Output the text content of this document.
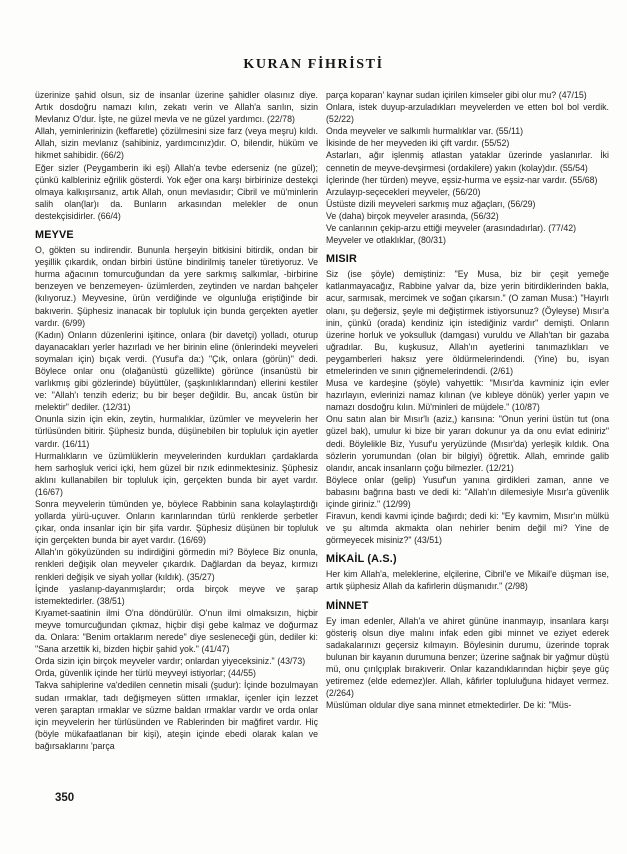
KURAN FİHRİSTİ
üzerinize şahid olsun, siz de insanlar üzerine şahidler olasınız diye. Artık dosdoğru namazı kılın, zekatı verin ve Allah'a sarılın, sizin Mevlanız O'dur. İşte, ne güzel mevla ve ne güzel yardımcı. (22/78)
Allah, yeminlerinizin (keffaretle) çözülmesini size farz (veya meşru) kıldı. Allah, sizin mevlanız (sahibiniz, yardımcınız)dır. O, bilendir, hüküm ve hikmet sahibidir. (66/2)
Eğer sizler (Peygamberin iki eşi) Allah'a tevbe ederseniz (ne güzel); çünkü kalbleriniz eğrilik gösterdi. Yok eğer ona karşı birbirinize destekçi olmaya kalkışırsanız, artık Allah, onun mevlasıdır; Cibril ve mü'minlerin salih olan(lar)ı da. Bunların arkasından melekler de onun destekçisidirler. (66/4)
MEYVE
O, gökten su indirendir. Bununla herşeyin bitkisini bitirdik, ondan bir yeşillik çıkardık, ondan birbiri üstüne bindirilmiş taneler türetiyoruz. Ve hurma ağacının tomurcuğundan da yere sarkmış salkımlar, -birbirine benzeyen ve benzemeyen- üzümlerden, zeytinden ve nardan bahçeler (kılıyoruz.) Meyvesine, ürün verdiğinde ve olgunluğa eriştiğinde bir bakıverin. Şüphesiz inanacak bir topluluk için bunda gerçekten ayetler vardır. (6/99)
(Kadın) Onların düzenlerini işitince, onlara (bir davetçi) yolladı, oturup dayanacakları yerler hazırladı ve her birinin eline (önlerindeki meyveleri soymaları için) bıçak verdi. (Yusuf'a da:) "Çık, onlara (görün)" dedi. Böylece onlar onu (olağanüstü güzellikte) görünce (insanüstü bir varlıkmış gibi gözlerinde) büyüttüler, (şaşkınlıklarından) ellerini kestiler ve: "Allah'ı tenzih ederiz; bu bir beşer değildir. Bu, ancak üstün bir melektir" dediler. (12/31)
Onunla sizin için ekin, zeytin, hurmalıklar, üzümler ve meyvelerin her türlüsünden bitirir. Şüphesiz bunda, düşünebilen bir topluluk için ayetler vardır. (16/11)
Hurmalıkların ve üzümlüklerin meyvelerinden kurdukları çardaklarda hem sarhoşluk verici içki, hem güzel bir rızık edinmektesiniz. Şüphesiz aklını kullanabilen bir topluluk için, gerçekten bunda bir ayet vardır. (16/67)
Sonra meyvelerin tümünden ye, böylece Rabbinin sana kolaylaştırdığı yollarda yürü-uçuver. Onların karınlarından türlü renklerde şerbetler çıkar, onda insanlar için bir şifa vardır. Şüphesiz düşünen bir topluluk için gerçekten bunda bir ayet vardır. (16/69)
Allah'ın gökyüzünden su indirdiğini görmedin mi? Böylece Biz onunla, renkleri değişik olan meyveler çıkardık. Dağlardan da beyaz, kırmızı renkleri değişik ve siyah yollar (kıldık). (35/27)
İçinde yaslanıp-dayanmışlardır; orda birçok meyve ve şarap istemektedirler. (38/51)
Kıyamet-saatinin ilmi O'na döndürülür. O'nun ilmi olmaksızın, hiçbir meyve tomurcuğundan çıkmaz, hiçbir dişi gebe kalmaz ve doğurmaz da. Onlara: "Benim ortaklarım nerede" diye sesleneceği gün, dediler ki: "Sana arzettik ki, bizden hiçbir şahid yok." (41/47)
Orda sizin için birçok meyveler vardır; onlardan yiyeceksiniz." (43/73)
Orda, güvenlik içinde her türlü meyveyi istiyorlar; (44/55)
Takva sahiplerine va'dedilen cennetin misali (şudur): İçinde bozulmayan sudan ırmaklar, tadı değişmeyen sütten ırmaklar, içenler için lezzet veren şaraptan ırmaklar ve süzme baldan ırmaklar vardır ve orda onlar için meyvelerin her türlüsünden ve Rablerinden bir mağfiret vardır. Hiç (böyle mükafaatlanan bir kişi), ateşin içinde ebedi olarak kalan ve bağırsaklarını 'parça
parça koparan' kaynar sudan içirilen kimseler gibi olur mu? (47/15)
Onlara, istek duyup-arzuladıkları meyvelerden ve etten bol bol verdik. (52/22)
Onda meyveler ve salkımlı hurmalıklar var. (55/11)
İkisinde de her meyveden iki çift vardır. (55/52)
Astarları, ağır işlenmiş atlastan yataklar üzerinde yaslanırlar. İki cennetin de meyve-devşirmesi (ordakilere) yakın (kolay)dır. (55/54)
İçlerinde (her türden) meyve, eşsiz-hurma ve eşsiz-nar vardır. (55/68)
Arzulayıp-seçecekleri meyveler, (56/20)
Üstüste dizili meyveleri sarkmış muz ağaçları, (56/29)
Ve (daha) birçok meyveler arasında, (56/32)
Ve canlarının çekip-arzu ettiği meyveler (arasındadırlar). (77/42)
Meyveler ve otlaklıklar, (80/31)
MISIR
Siz (ise şöyle) demiştiniz: "Ey Musa, biz bir çeşit yemeğe katlanmayacağız, Rabbine yalvar da, bize yerin bitirdiklerinden bakla, acur, sarmısak, mercimek ve soğan çıkarsın." (O zaman Musa:) "Hayırlı olanı, şu değersiz, şeyle mi değiştirmek istiyorsunuz? (Öyleyse) Mısır'a inin, çünkü (orada) kendiniz için istediğiniz vardır" demişti. Onların üzerine horluk ve yoksulluk (damgası) vuruldu ve Allah'tan bir gazaba uğradılar. Bu, kuşkusuz, Allah'ın ayetlerini tanımazlıkları ve peygamberleri haksız yere öldürmelerindendi. (Yine) bu, isyan etmelerinden ve sınırı çiğnemelerindendi. (2/61)
Musa ve kardeşine (şöyle) vahyettik: "Mısır'da kavminiz için evler hazırlayın, evlerinizi namaz kılınan (ve kıbleye dönük) yerler yapın ve namazı dosdoğru kılın. Mü'minleri de müjdele." (10/87)
Onu satın alan bir Mısır'lı (aziz,) karısına: "Onun yerini üstün tut (ona güzel bak), umulur ki bize bir yararı dokunur ya da onu evlat ediniriz" dedi. Böylelikle Biz, Yusuf'u yeryüzünde (Mısır'da) yerleşik kıldık. Ona sözlerin yorumundan (olan bir bilgiyi) öğrettik. Allah, emrinde galib olandır, ancak insanların çoğu bilmezler. (12/21)
Böylece onlar (gelip) Yusuf'un yanına girdikleri zaman, anne ve babasını bağrına bastı ve dedi ki: "Allah'ın dilemesiyle Mısır'a güvenlik içinde giriniz." (12/99)
Firavun, kendi kavmi içinde bağırdı; dedi ki: "Ey kavmim, Mısır'ın mülkü ve şu altımda akmakta olan nehirler benim değil mi? Yine de görmeyecek misiniz?" (43/51)
MİKAİL (A.S.)
Her kim Allah'a, meleklerine, elçilerine, Cibril'e ve Mikail'e düşman ise, artık şüphesiz Allah da kafirlerin düşmanıdır." (2/98)
MİNNET
Ey iman edenler, Allah'a ve ahiret gününe inanmayıp, insanlara karşı gösteriş olsun diye malını infak eden gibi minnet ve eziyet ederek sadakalarınızı geçersiz kılmayın. Böylesinin durumu, üzerinde toprak bulunan bir kayanın durumuna benzer; üzerine sağnak bir yağmur düştü mü, onu çırılçıplak bırakıverir. Onlar kazandıklarından hiçbir şeye güç yetiremez (elde edemez)ler. Allah, kâfirler topluluğuna hidayet vermez. (2/264)
Müslüman oldular diye sana minnet etmektedirler. De ki: "Müs-
350
